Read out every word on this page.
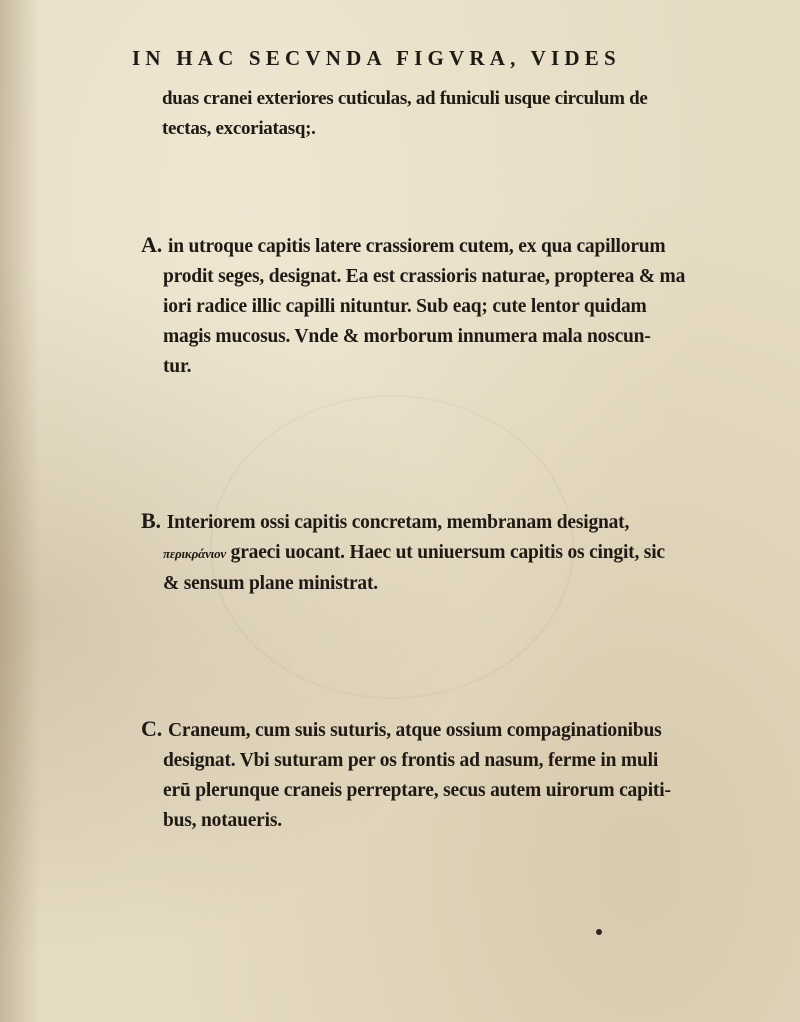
IN HAC SECVNDA FIGVRA, VIDES
duas cranei exteriores cuticulas, ad funiculi usque circulum de
tectas, excoriatasq;.
A. in utroque capitis latere crassiorem cutem, ex qua capillorum
prodit seges, designat. Ea est crassioris naturae, propterea & ma
iori radice illic capilli nituntur. Sub eaq; cute lentor quidam
magis mucosus. Vnde & morborum innumera mala noscun-
tur.
B. Interiorem ossi capitis concretam, membranam designat,
περικράνιον graeci uocant. Haec ut uniuersum capitis os cingit, sic
& sensum plane ministrat.
C. Craneum, cum suis suturis, atque ossium compaginationibus
designat. Vbi suturam per os frontis ad nasum, ferme in muli
erū plerunque craneis perreptare, secus autem uirorum capiti-
bus, notaueris.
